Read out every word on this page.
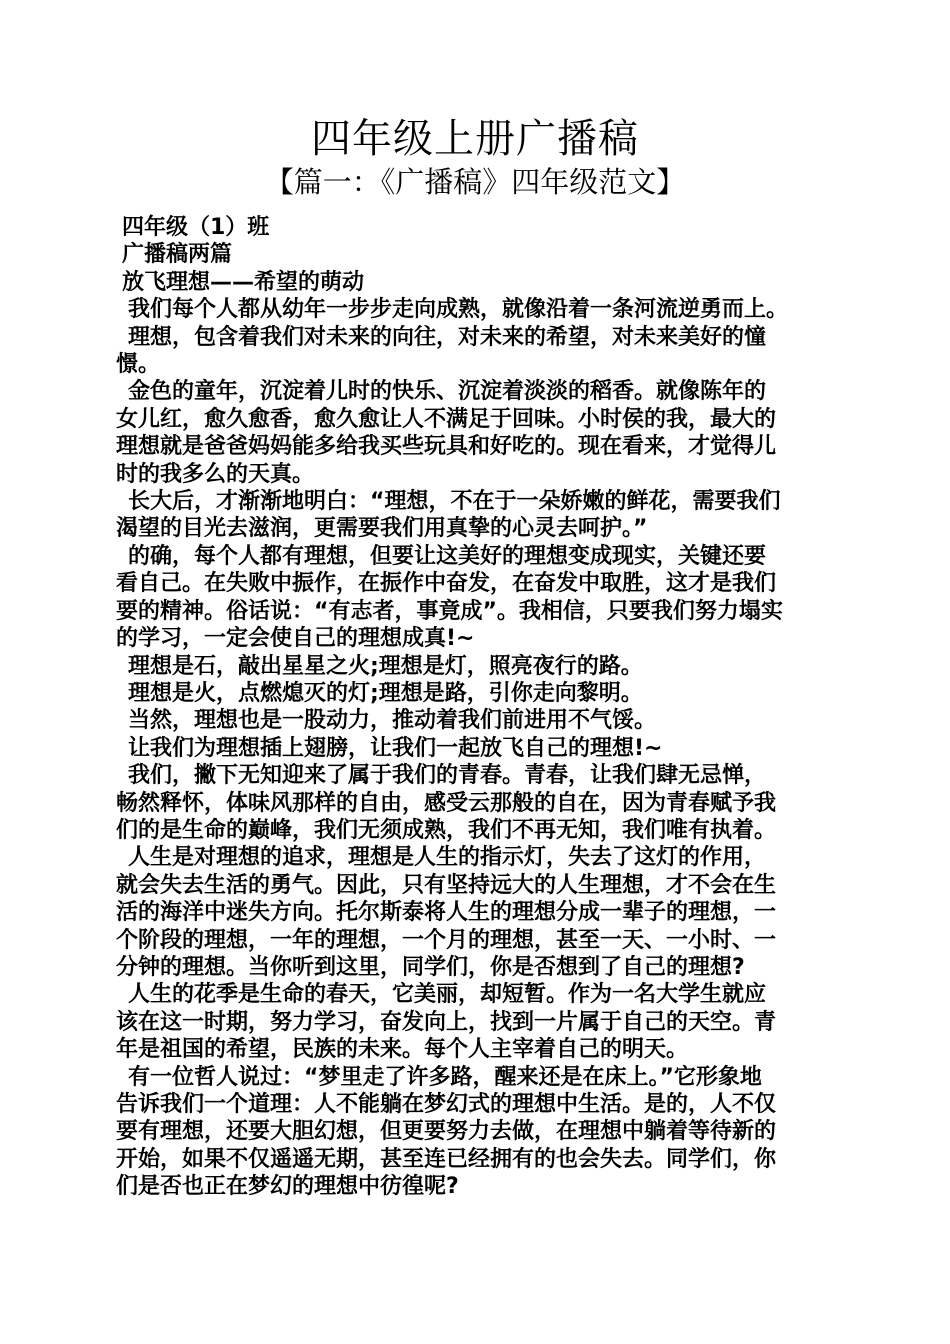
四年级上册广播稿
【篇一：《广播稿》四年级范文】
四年级（1）班
广播稿两篇
放飞理想——希望的萌动
我们每个人都从幼年一步步走向成熟，就像沿着一条河流逆勇而上。
理想，包含着我们对未来的向往，对未来的希望，对未来美好的憧
憬。
金色的童年，沉淀着儿时的快乐、沉淀着淡淡的稻香。就像陈年的
女儿红，愈久愈香，愈久愈让人不满足于回味。小时侯的我，最大的
理想就是爸爸妈妈能多给我买些玩具和好吃的。现在看来，才觉得儿
时的我多么的天真。
长大后，才渐渐地明白：“理想，不在于一朵娇嫩的鲜花，需要我们
渴望的目光去滋润，更需要我们用真挚的心灵去呵护。”
的确，每个人都有理想，但要让这美好的理想变成现实，关键还要
看自己。在失败中振作，在振作中奋发，在奋发中取胜，这才是我们
要的精神。俗话说：“有志者，事竟成”。我相信，只要我们努力塌实
的学习，一定会使自己的理想成真!~
理想是石，敲出星星之火;理想是灯，照亮夜行的路。
理想是火，点燃熄灭的灯;理想是路，引你走向黎明。
当然，理想也是一股动力，推动着我们前进用不气馁。
让我们为理想插上翅膀，让我们一起放飞自己的理想!~
我们，撇下无知迎来了属于我们的青春。青春，让我们肆无忌惮，
畅然释怀，体味风那样的自由，感受云那般的自在，因为青春赋予我
们的是生命的巅峰，我们无须成熟，我们不再无知，我们唯有执着。
人生是对理想的追求，理想是人生的指示灯，失去了这灯的作用，
就会失去生活的勇气。因此，只有坚持远大的人生理想，才不会在生
活的海洋中迷失方向。托尔斯泰将人生的理想分成一辈子的理想，一
个阶段的理想，一年的理想，一个月的理想，甚至一天、一小时、一
分钟的理想。当你听到这里，同学们，你是否想到了自己的理想?
人生的花季是生命的春天，它美丽，却短暂。作为一名大学生就应
该在这一时期，努力学习，奋发向上，找到一片属于自己的天空。青
年是祖国的希望，民族的未来。每个人主宰着自己的明天。
有一位哲人说过：“梦里走了许多路，醒来还是在床上。”它形象地
告诉我们一个道理：人不能躺在梦幻式的理想中生活。是的，人不仅
要有理想，还要大胆幻想，但更要努力去做，在理想中躺着等待新的
开始，如果不仅遥遥无期，甚至连已经拥有的也会失去。同学们，你
们是否也正在梦幻的理想中彷徨呢?
